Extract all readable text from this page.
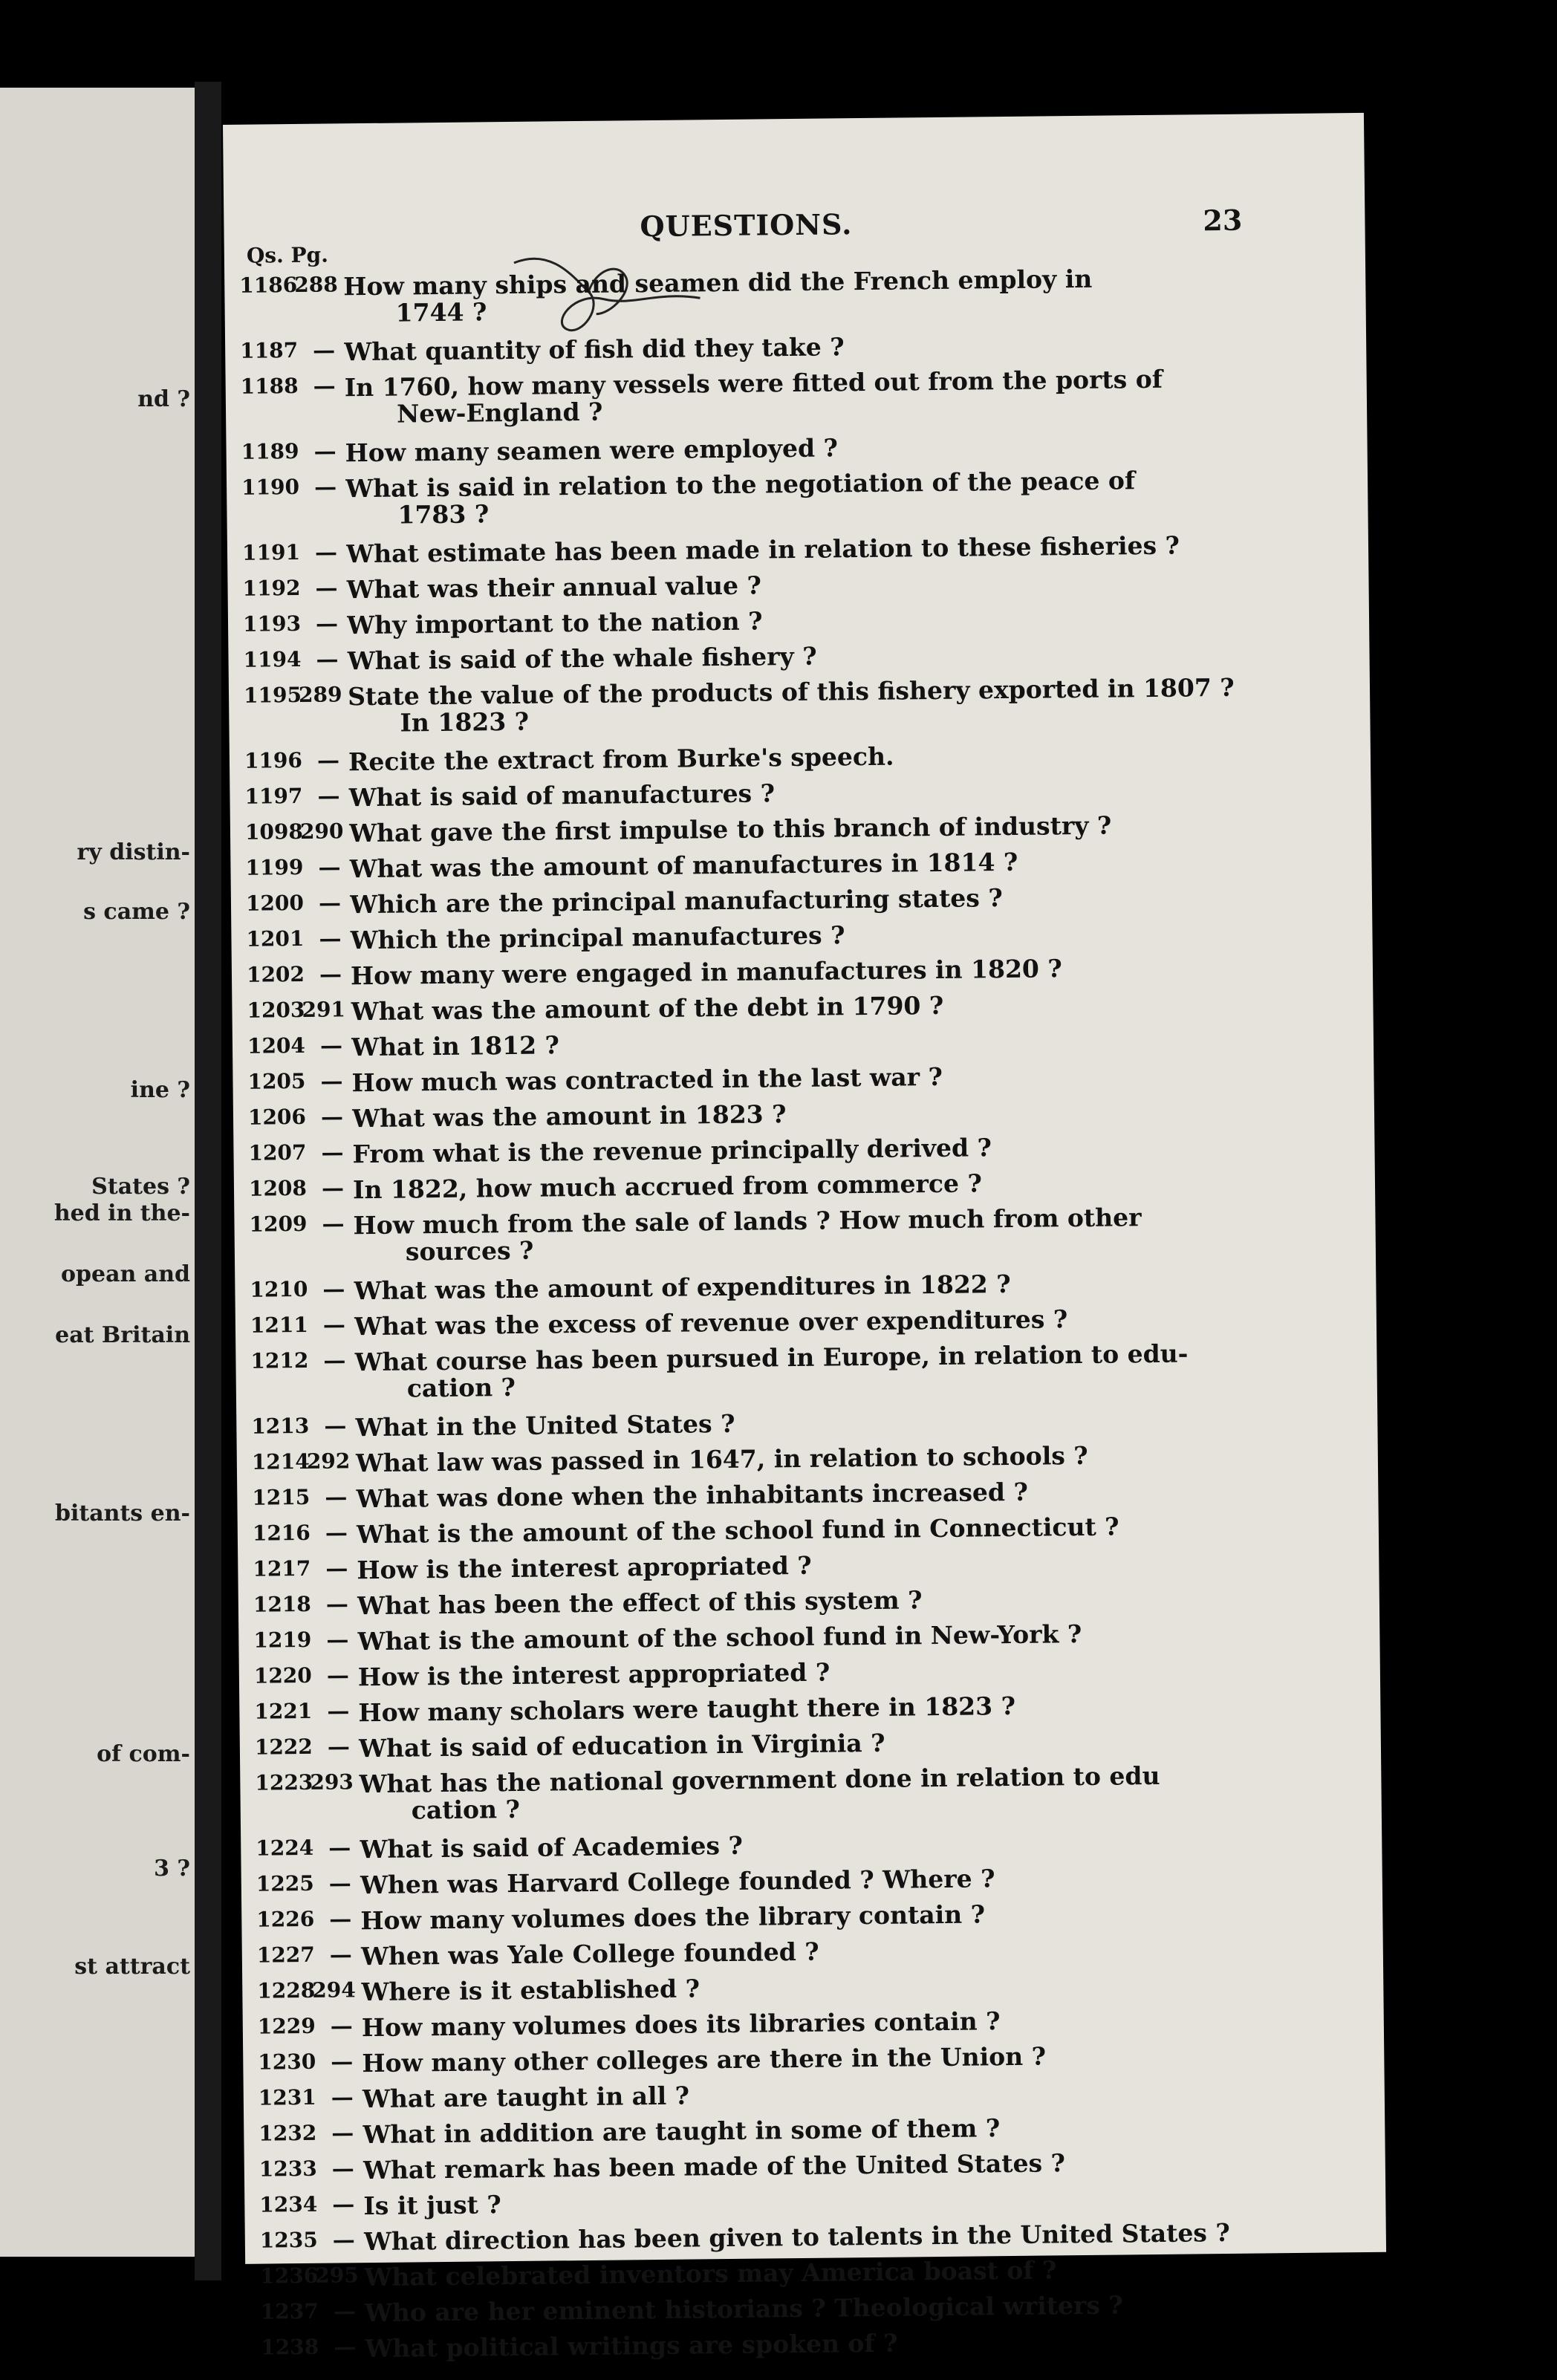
nd ?
ry distin-
s came ?
ine ?
States ?
hed in the-
opean and
eat Britain
bitants en-
of com-
3 ?
st attract
QUESTIONS.	23
Qs. Pg.
1186
288 How many ships and seamen did the French employ in
1744 ?
1187 — What quantity of fish did they take ?
1188 — In 1760, how many vessels were fitted out from the ports of
New-England ?
1189 — How many seamen were employed ?
1190 — What is said in relation to the negotiation of the peace of
1783 ?
1191 — What estimate has been made in relation to these fisheries ?
1192 — What was their annual value ?
1193 — Why important to the nation ?
1194 — What is said of the whale fishery ?
1195
289 State the value of the products of this fishery exported in 1807 ?
In 1823 ?
1196 — Recite the extract from Burke's speech.
1197 — What is said of manufactures ?
1098
290 What gave the first impulse to this branch of industry ?
1199 — What was the amount of manufactures in 1814 ?
1200 — Which are the principal manufacturing states ?
1201 — Which the principal manufactures ?
1202 — How many were engaged in manufactures in 1820 ?
1203
291 What was the amount of the debt in 1790 ?
1204 — What in 1812 ?
1205 — How much was contracted in the last war ?
1206 — What was the amount in 1823 ?
1207 — From what is the revenue principally derived ?
1208 — In 1822, how much accrued from commerce ?
1209 — How much from the sale of lands ? How much from other
sources ?
1210 — What was the amount of expenditures in 1822 ?
1211 — What was the excess of revenue over expenditures ?
1212 — What course has been pursued in Europe, in relation to edu-
cation ?
1213 — What in the United States ?
1214
292 What law was passed in 1647, in relation to schools ?
1215 — What was done when the inhabitants increased ?
1216 — What is the amount of the school fund in Connecticut ?
1217 — How is the interest apropriated ?
1218 — What has been the effect of this system ?
1219 — What is the amount of the school fund in New-York ?
1220 — How is the interest appropriated ?
1221 — How many scholars were taught there in 1823 ?
1222 — What is said of education in Virginia ?
1223
293 What has the national government done in relation to edu
cation ?
1224 — What is said of Academies ?
1225 — When was Harvard College founded ? Where ?
1226 — How many volumes does the library contain ?
1227 — When was Yale College founded ?
1228
294 Where is it established ?
1229 — How many volumes does its libraries contain ?
1230 — How many other colleges are there in the Union ?
1231 — What are taught in all ?
1232 — What in addition are taught in some of them ?
1233 — What remark has been made of the United States ?
1234 — Is it just ?
1235 — What direction has been given to talents in the United States ?
1236
295 What celebrated inventors may America boast of ?
1237 — Who are her eminent historians ? Theological writers ?
1238 — What political writings are spoken of ?
